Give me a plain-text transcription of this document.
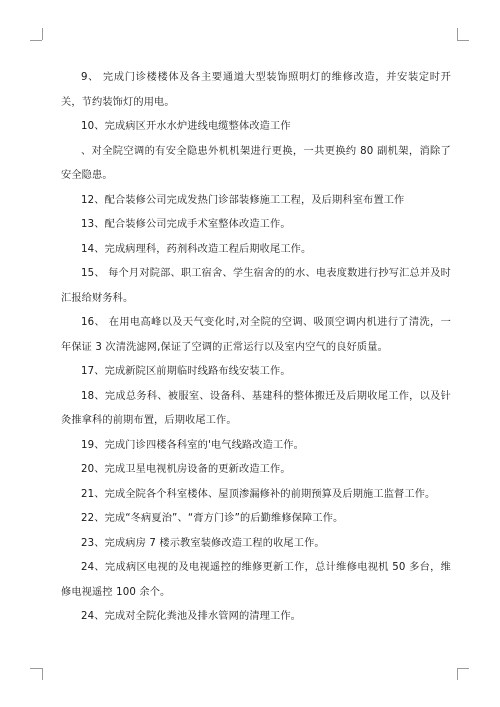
9、 完成门诊楼楼体及各主要通道大型装饰照明灯的维修改造，并安装定时开关，节约装饰灯的用电。

10、完成病区开水水炉进线电缆整体改造工作

、对全院空调的有安全隐患外机机架进行更换，一共更换约 80 副机架，消除了安全隐患。

12、配合装修公司完成发热门诊部装修施工工程，及后期科室布置工作

13、配合装修公司完成手术室整体改造工作。

14、完成病理科，药剂科改造工程后期收尾工作。

15、 每个月对院部、职工宿舍、学生宿舍的的水、电表度数进行抄写汇总并及时汇报给财务科。

16、 在用电高峰以及天气变化时,对全院的空调、吸顶空调内机进行了清洗，一年保证 3 次清洗滤网,保证了空调的正常运行以及室内空气的良好质量。

17、完成新院区前期临时线路布线安装工作。

18、完成总务科、被服室、设备科、基建科的整体搬迁及后期收尾工作，以及针灸推拿科的前期布置，后期收尾工作。

19、完成门诊四楼各科室的'电气线路改造工作。

20、完成卫星电视机房设备的更新改造工作。

21、完成全院各个科室楼体、屋顶渗漏修补的前期预算及后期施工监督工作。

22、完成“冬病夏治”、“膏方门诊”的后勤维修保障工作。

23、完成病房 7 楼示教室装修改造工程的收尾工作。

24、完成病区电视的及电视遥控的维修更新工作，总计维修电视机 50 多台，维修电视遥控 100 余个。

24、完成对全院化粪池及排水管网的清理工作。
